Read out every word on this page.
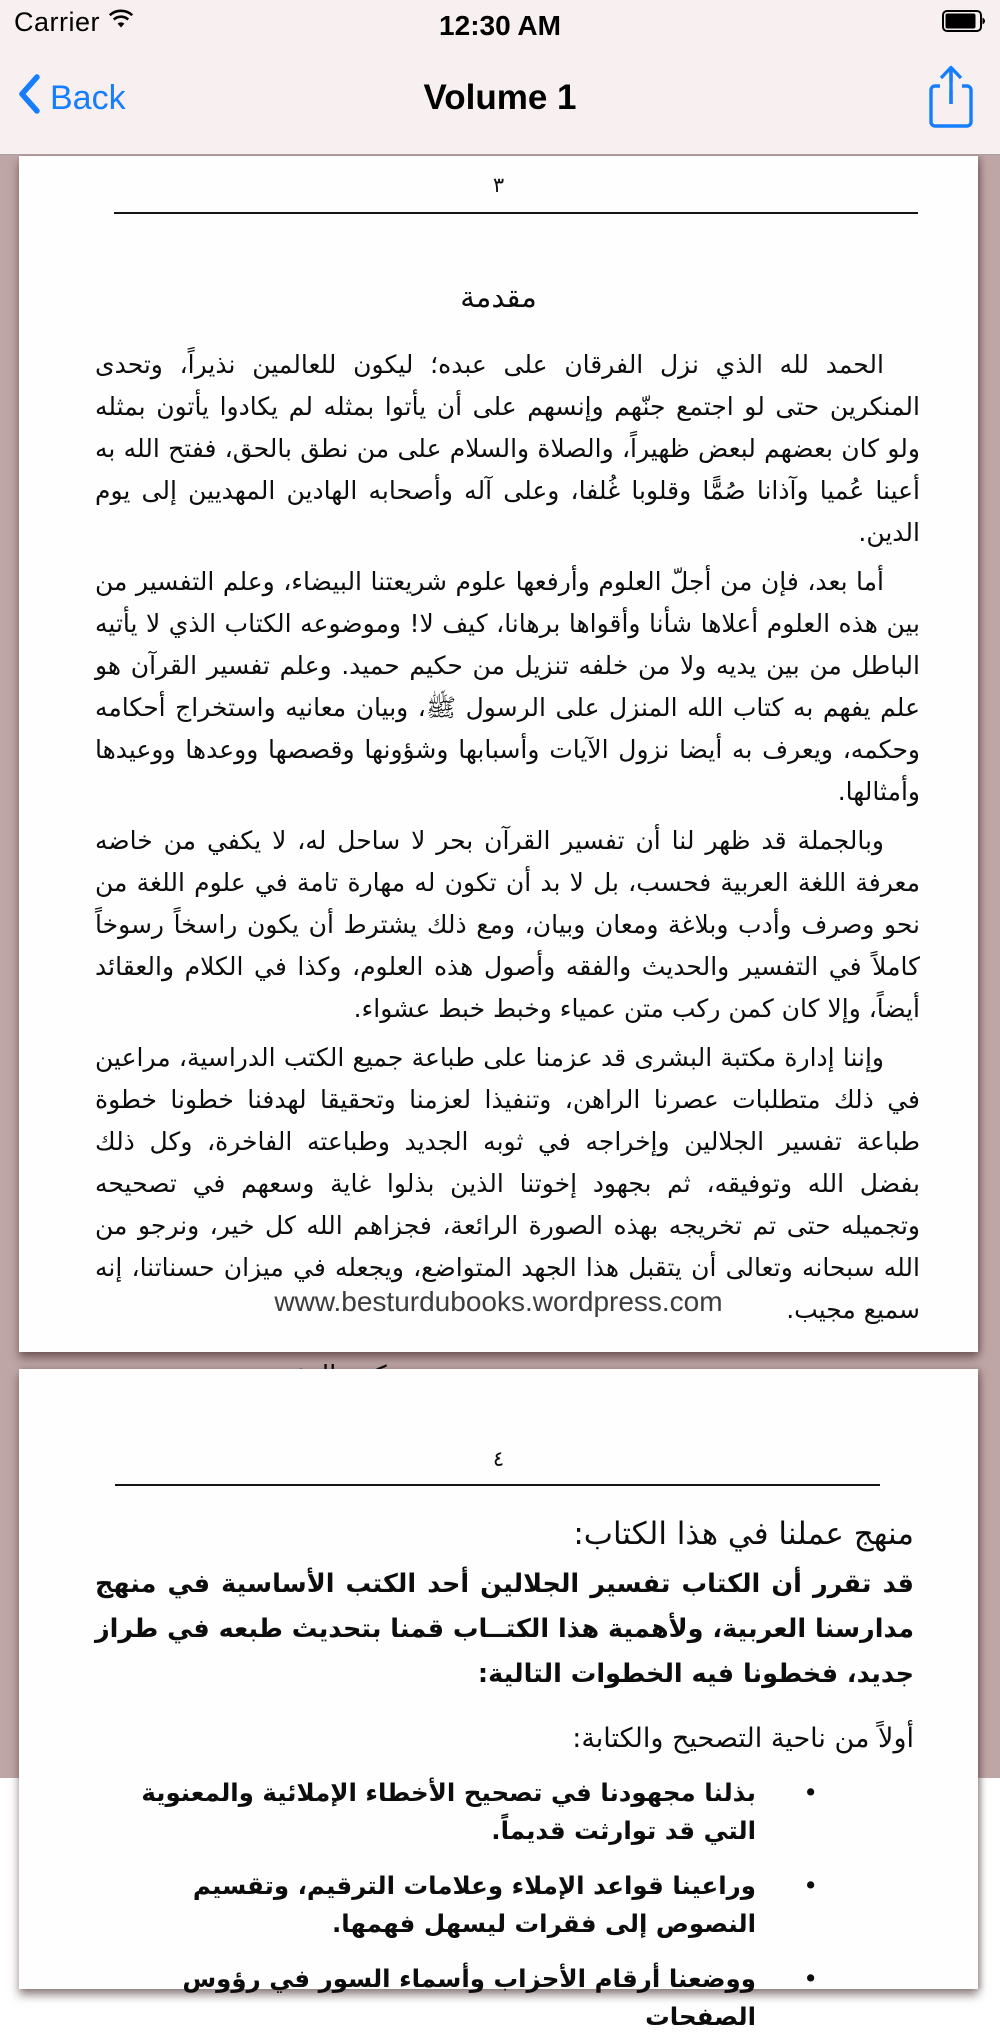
Carrier	12:30 AM
Back	Volume 1
٣
مقدمة

الحمد لله الذي نزل الفرقان على عبده؛ ليكون للعالمين نذيراً، وتحدى المنكرين حتى لو اجتمع جنّهم وإنسهم على أن يأتوا بمثله لم يكادوا يأتون بمثله ولو كان بعضهم لبعض ظهيراً، والصلاة والسلام على من نطق بالحق، ففتح الله به أعينا عُميا وآذانا صُمًّا وقلوبا غُلفا، وعلى آله وأصحابه الهادين المهديين إلى يوم الدين.

أما بعد، فإن من أجلّ العلوم وأرفعها علوم شريعتنا البيضاء، وعلم التفسير من بين هذه العلوم أعلاها شأنا وأقواها برهانا، كيف لا! وموضوعه الكتاب الذي لا يأتيه الباطل من بين يديه ولا من خلفه تنزيل من حكيم حميد. وعلم تفسير القرآن هو علم يفهم به كتاب الله المنزل على الرسول ﷺ، وبيان معانيه واستخراج أحكامه وحكمه، ويعرف به أيضا نزول الآيات وأسبابها وشؤونها وقصصها ووعدها ووعيدها وأمثالها.

وبالجملة قد ظهر لنا أن تفسير القرآن بحر لا ساحل له، لا يكفي من خاضه معرفة اللغة العربية فحسب، بل لا بد أن تكون له مهارة تامة في علوم اللغة من نحو وصرف وأدب وبلاغة ومعان وبيان، ومع ذلك يشترط أن يكون راسخاً رسوخاً كاملاً في التفسير والحديث والفقه وأصول هذه العلوم، وكذا في الكلام والعقائد أيضاً، وإلا كان كمن ركب متن عمياء وخبط خبط عشواء.

وإننا إدارة مكتبة البشرى قد عزمنا على طباعة جميع الكتب الدراسية، مراعين في ذلك متطلبات عصرنا الراهن، وتنفيذا لعزمنا وتحقيقا لهدفنا خطونا خطوة طباعة تفسير الجلالين وإخراجه في ثوبه الجديد وطباعته الفاخرة، وكل ذلك بفضل الله وتوفيقه، ثم بجهود إخوتنا الذين بذلوا غاية وسعهم في تصحيحه وتجميله حتى تم تخريجه بهذه الصورة الرائعة، فجزاهم الله كل خير، ونرجو من الله سبحانه وتعالى أن يتقبل هذا الجهد المتواضع، ويجعله في ميزان حسناتنا، إنه سميع مجيب.

www.besturdubooks.wordpress.com
٤
منهج عملنا في هذا الكتاب:

قد تقرر أن الكتاب تفسير الجلالين أحد الكتب الأساسية في منهج مدارسنا العربية، ولأهمية هذا الكتــاب قمنا بتحديث طبعه في طراز جديد، فخطونا فيه الخطوات التالية:

أولاً من ناحية التصحيح والكتابة:
•
بذلنا مجهودنا في تصحيح الأخطاء الإملائية والمعنوية التي قد توارثت قديماً.
•
وراعينا قواعد الإملاء وعلامات الترقيم، وتقسيم النصوص إلى فقرات ليسهل فهمها.
•
ووضعنا أرقام الأحزاب وأسماء السور في رؤوس الصفحات
